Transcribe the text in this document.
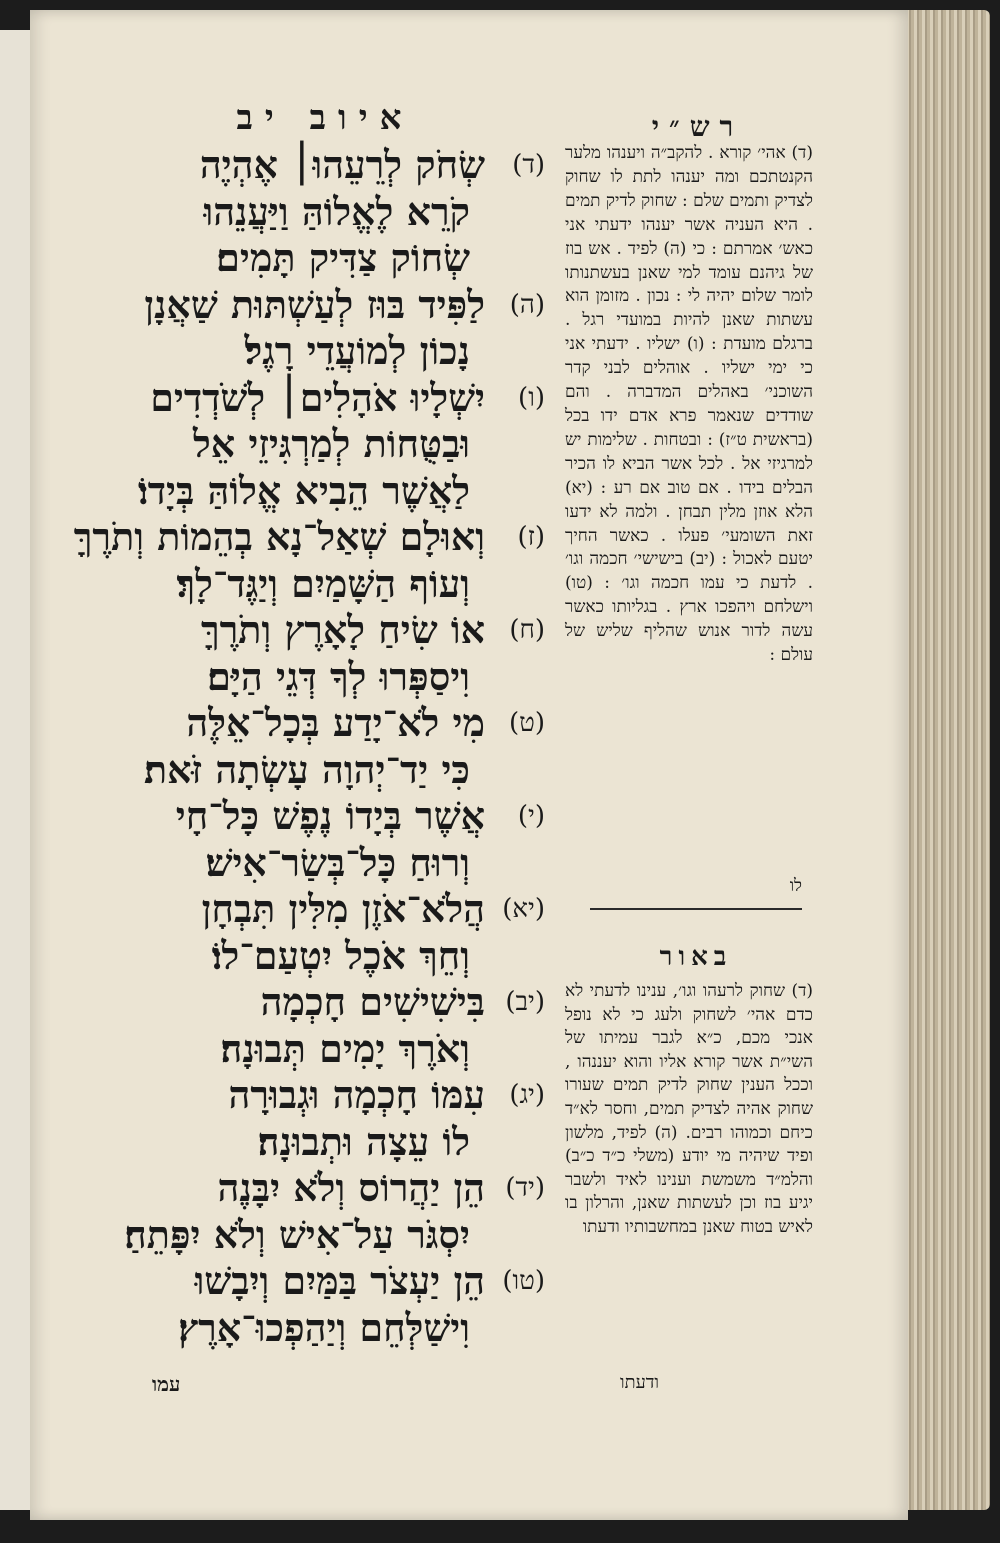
איוב יב
(ד)
שְׂחֹק לְרֵעֵהוּ׀ אֶהְיֶה
קֹרֵא לֶאֱלוֹהַּ וַיַּעֲנֵהוּ
שְׂחוֹק צַדִּיק תָּמִים׃
(ה)
לַפִּיד בּוּז לְעַשְׁתּוּת שַׁאֲנָן
נָכוֹן לְמוֹעֲדֵי רָגֶל׃
(ו)
יִשְׁלָיוּ אֹהָלִים׀ לְשֹׁדְדִים
וּבַטֻּחוֹת לְמַרְגִּיזֵי אֵל
לַאֲשֶׁר הֵבִיא אֱלוֹהַּ בְּיָדוֹ׃
(ז)
וְאוּלָם שְׁאַל־נָא בְהֵמוֹת וְתֹרֶךָּ
וְעוֹף הַשָּׁמַיִם וְיַגֶּד־לָךְ׃
(ח)
אוֹ שִׂיחַ לָאָרֶץ וְתֹרֶךָּ
וִיסַפְּרוּ לְךָ דְּגֵי הַיָּם׃
(ט)
מִי לֹא־יָדַע בְּכָל־אֵלֶּה
כִּי יַד־יְהוָה עָשְׂתָה זֹּאת׃
(י)
אֲשֶׁר בְּיָדוֹ נֶפֶשׁ כָּל־חָי
וְרוּחַ כָּל־בְּשַׂר־אִישׁ׃
(יא)
הֲלֹא־אֹזֶן מִלִּין תִּבְחָן
וְחֵךְ אֹכֶל יִטְעַם־לוֹ׃
(יב)
בִּישִׁישִׁים חָכְמָה
וְאֹרֶךְ יָמִים תְּבוּנָה׃
(יג)
עִמּוֹ חָכְמָה וּגְבוּרָה
לוֹ עֵצָה וּתְבוּנָה׃
(יד)
הֵן יַהֲרוֹס וְלֹא יִבָּנֶה
יִסְגֹּר עַל־אִישׁ וְלֹא יִפָּתֵחַ׃
(טו)
הֵן יַעְצֹר בַּמַּיִם וְיִבָשׁוּ
וִישַׁלְּחֵם וְיַהַפְכוּ־אָרֶץ׃
רש״י
(ד) אהי׳ קורא . להקב״ה ויענהו מלער הקנטתכם ומה יענהו לתת לו שחוק לצדיק ותמים שלם : שחוק לדיק תמים . היא העניה אשר יענהו ידעתי אני כאש׳ אמרתם : כי (ה) לפיד . אש בוז של גיהנם עומד למי שאנן בעשתנותו לומר שלום יהיה לי : נכון . מזומן הוא עשתות שאנן להיות במועדי רגל . ברגלם מועדת : (ו) ישליו . ידעתי אני כי ימי ישליו . אוהלים לבני קדר השוכני׳ באהלים המדברה . והם שודדים שנאמר פרא אדם ידו בכל (בראשית ט״ז) : ובטחות . שלימות יש למרגיזי אל . לכל אשר הביא לו הכיר הבלים בידו . אם טוב אם רע : (יא) הלא אוזן מלין תבחן . ולמה לא ידעו זאת השומעי׳ פעלו . כאשר החיך יטעם לאכול : (יב) בישישי׳ חכמה וגו׳ . לדעת כי עמו חכמה וגו׳ : (טו) וישלחם ויהפכו ארץ . בגליותו כאשר עשה לדור אנוש שהליף שליש של עולם :
לו
באור
(ד) שחוק לרעהו וגו׳, ענינו לדעתי לא כדם אהי׳ לשחוק ולעג כי לא נופל אנכי מכם, כ״א לגבר עמיתו של השי״ת אשר קורא אליו והוא יעננהו , וככל הענין שחוק לדיק תמים שעורו שחוק אהיה לצדיק תמים, וחסר לא״ד כיחם וכמוהו רבים. (ה) לפיד, מלשון ופיד שיהיה מי יודע (משלי כ״ד כ״ב) והלמ״ד משמשת וענינו לאיד ולשבר יגיע בוז וכן לעשתות שאנן, והרלון בו לאיש בטוח שאנן במחשבותיו ודעתו
עמו	ודעתו
